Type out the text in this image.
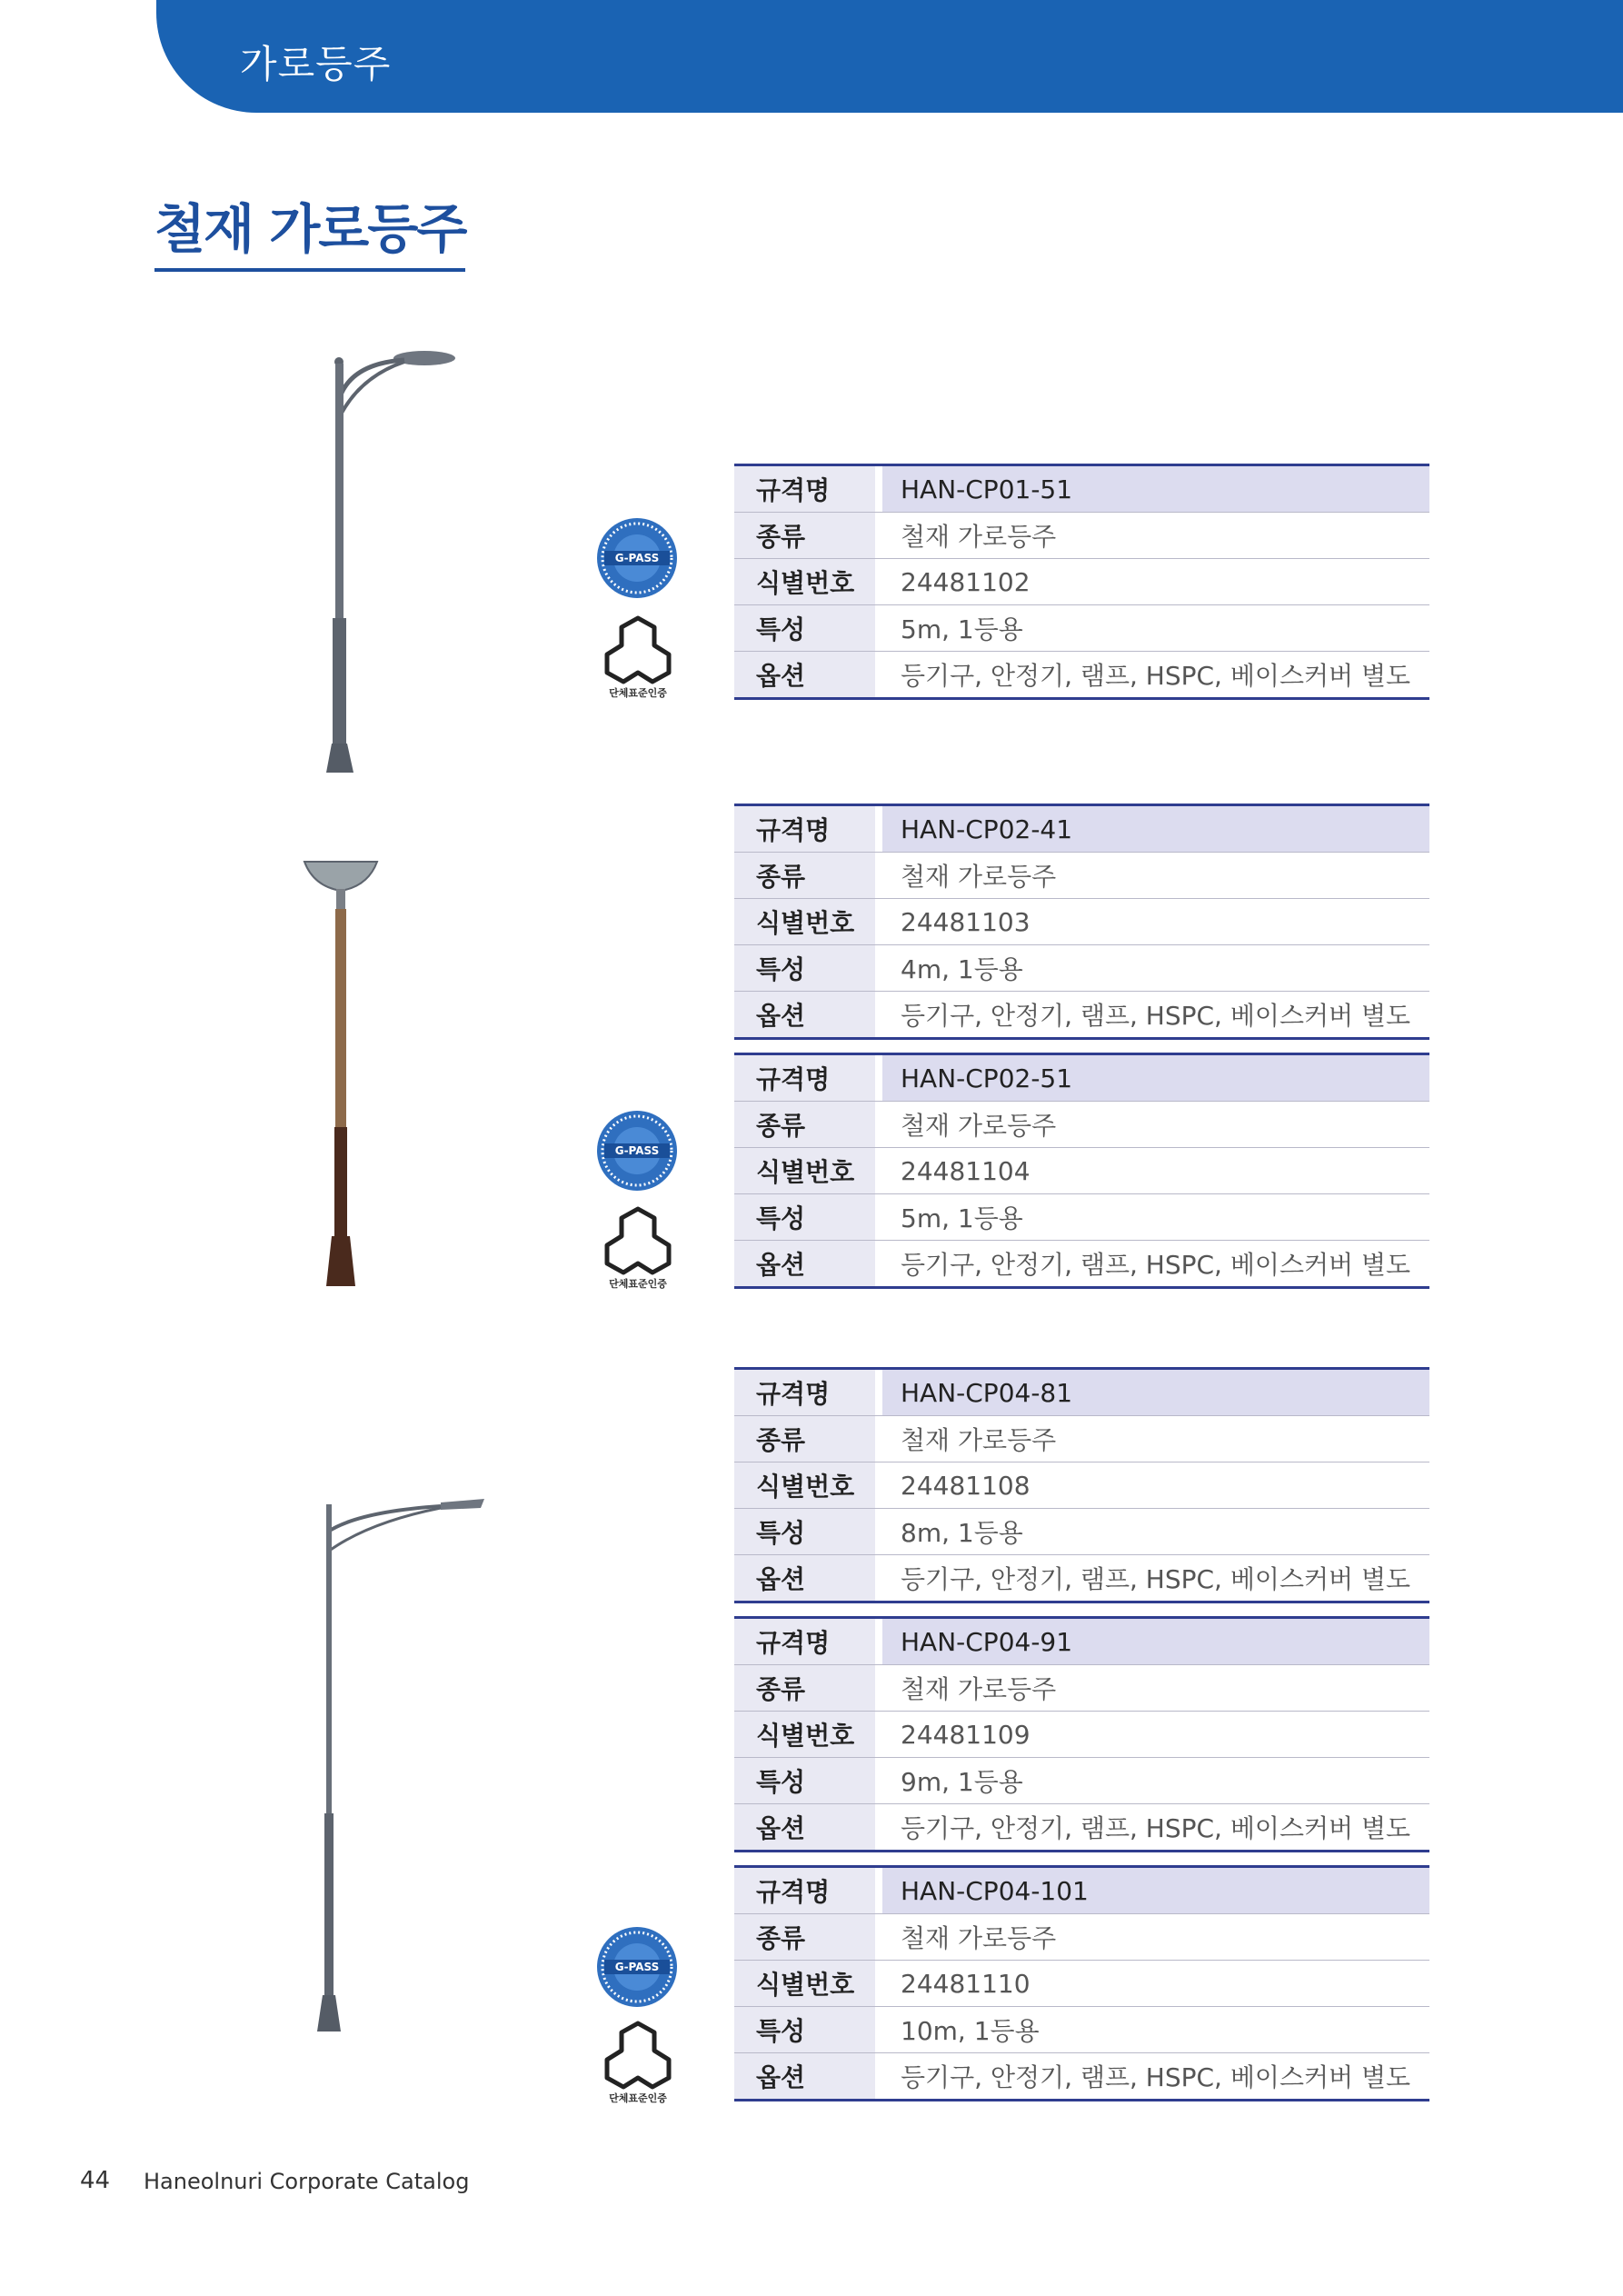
가로등주
철재 가로등주
G-PASS
단체표준인증
G-PASS
단체표준인증
G-PASS
단체표준인증
규격명		HAN-CP01-51
종류		철재 가로등주
식별번호		24481102
특성		5m, 1등용
옵션		등기구, 안정기, 램프, HSPC, 베이스커버 별도
규격명		HAN-CP02-41
종류		철재 가로등주
식별번호		24481103
특성		4m, 1등용
옵션		등기구, 안정기, 램프, HSPC, 베이스커버 별도
규격명		HAN-CP02-51
종류		철재 가로등주
식별번호		24481104
특성		5m, 1등용
옵션		등기구, 안정기, 램프, HSPC, 베이스커버 별도
규격명		HAN-CP04-81
종류		철재 가로등주
식별번호		24481108
특성		8m, 1등용
옵션		등기구, 안정기, 램프, HSPC, 베이스커버 별도
규격명		HAN-CP04-91
종류		철재 가로등주
식별번호		24481109
특성		9m, 1등용
옵션		등기구, 안정기, 램프, HSPC, 베이스커버 별도
규격명		HAN-CP04-101
종류		철재 가로등주
식별번호		24481110
특성		10m, 1등용
옵션		등기구, 안정기, 램프, HSPC, 베이스커버 별도
44 Haneolnuri Corporate Catalog
